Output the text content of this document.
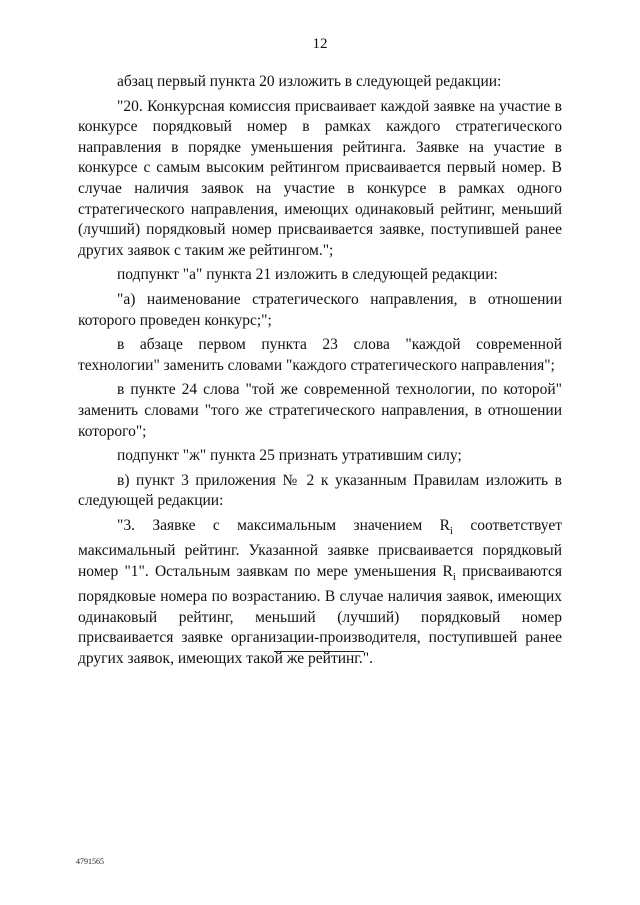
12

абзац первый пункта 20 изложить в следующей редакции:

"20. Конкурсная комиссия присваивает каждой заявке на участие в конкурсе порядковый номер в рамках каждого стратегического направления в порядке уменьшения рейтинга. Заявке на участие в конкурсе с самым высоким рейтингом присваивается первый номер. В случае наличия заявок на участие в конкурсе в рамках одного стратегического направления, имеющих одинаковый рейтинг, меньший (лучший) порядковый номер присваивается заявке, поступившей ранее других заявок с таким же рейтингом.";

подпункт "а" пункта 21 изложить в следующей редакции:

"а) наименование стратегического направления, в отношении которого проведен конкурс;";

в абзаце первом пункта 23 слова "каждой современной технологии" заменить словами "каждого стратегического направления";

в пункте 24 слова "той же современной технологии, по которой" заменить словами "того же стратегического направления, в отношении которого";

подпункт "ж" пункта 25 признать утратившим силу;

в) пункт 3 приложения № 2 к указанным Правилам изложить в следующей редакции:

"3. Заявке с максимальным значением $R_i$ соответствует максимальный рейтинг. Указанной заявке присваивается порядковый номер "1". Остальным заявкам по мере уменьшения $R_i$ присваиваются порядковые номера по возрастанию. В случае наличия заявок, имеющих одинаковый рейтинг, меньший (лучший) порядковый номер присваивается заявке организации-производителя, поступившей ранее других заявок, имеющих такой же рейтинг.".

4791565
